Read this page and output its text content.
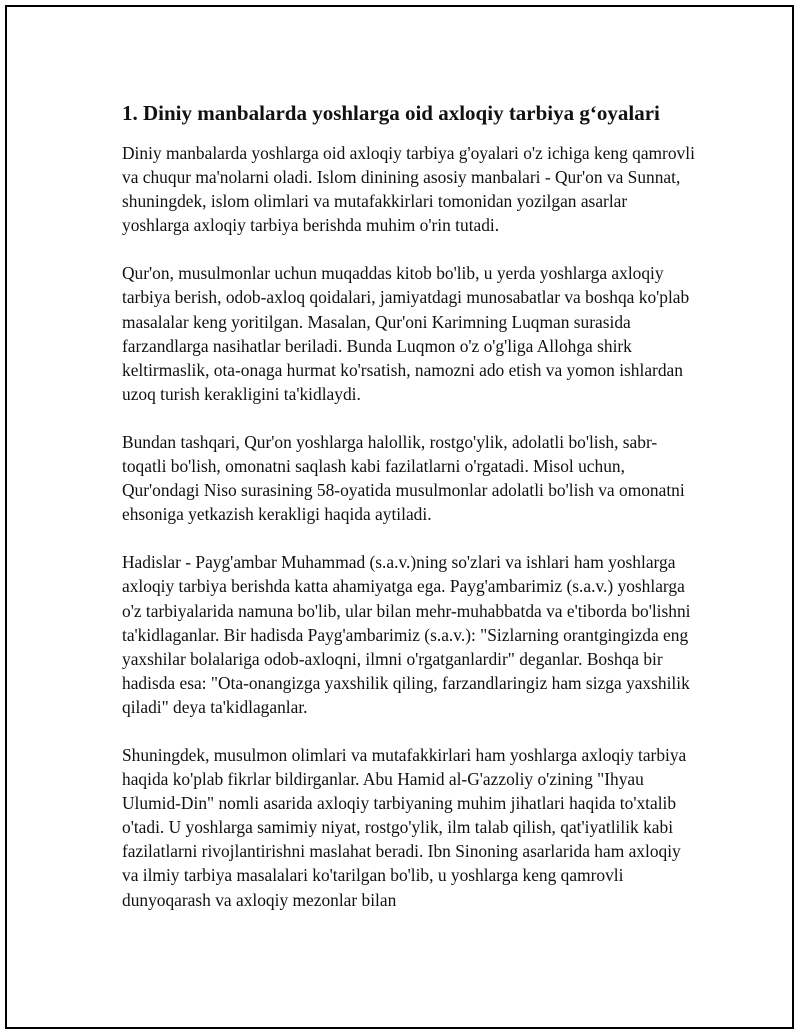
1. Diniy manbalarda yoshlarga oid axloqiy tarbiya g‘oyalari

Diniy manbalarda yoshlarga oid axloqiy tarbiya g'oyalari o'z ichiga keng qamrovli va chuqur ma'nolarni oladi. Islom dinining asosiy manbalari - Qur'on va Sunnat, shuningdek, islom olimlari va mutafakkirlari tomonidan yozilgan asarlar yoshlarga axloqiy tarbiya berishda muhim o'rin tutadi.

Qur'on, musulmonlar uchun muqaddas kitob bo'lib, u yerda yoshlarga axloqiy tarbiya berish, odob-axloq qoidalari, jamiyatdagi munosabatlar va boshqa ko'plab masalalar keng yoritilgan. Masalan, Qur'oni Karimning Luqman surasida farzandlarga nasihatlar beriladi. Bunda Luqmon o'z o'g'liga Allohga shirk keltirmaslik, ota-onaga hurmat ko'rsatish, namozni ado etish va yomon ishlardan uzoq turish kerakligini ta'kidlaydi.

Bundan tashqari, Qur'on yoshlarga halollik, rostgo'ylik, adolatli bo'lish, sabr-toqatli bo'lish, omonatni saqlash kabi fazilatlarni o'rgatadi. Misol uchun, Qur'ondagi Niso surasining 58-oyatida musulmonlar adolatli bo'lish va omonatni ehsoniga yetkazish kerakligi haqida aytiladi.

Hadislar - Payg'ambar Muhammad (s.a.v.)ning so'zlari va ishlari ham yoshlarga axloqiy tarbiya berishda katta ahamiyatga ega. Payg'ambarimiz (s.a.v.) yoshlarga o'z tarbiyalarida namuna bo'lib, ular bilan mehr-muhabbatda va e'tiborda bo'lishni ta'kidlaganlar. Bir hadisda Payg'ambarimiz (s.a.v.): "Sizlarning orantgingizda eng yaxshilar bolalariga odob-axloqni, ilmni o'rgatganlardir" deganlar. Boshqa bir hadisda esa: "Ota-onangizga yaxshilik qiling, farzandlaringiz ham sizga yaxshilik qiladi" deya ta'kidlaganlar.

Shuningdek, musulmon olimlari va mutafakkirlari ham yoshlarga axloqiy tarbiya haqida ko'plab fikrlar bildirganlar. Abu Hamid al-G'azzoliy o'zining "Ihyau Ulumid-Din" nomli asarida axloqiy tarbiyaning muhim jihatlari haqida to'xtalib o'tadi. U yoshlarga samimiy niyat, rostgo'ylik, ilm talab qilish, qat'iyatlilik kabi fazilatlarni rivojlantirishni maslahat beradi. Ibn Sinoning asarlarida ham axloqiy va ilmiy tarbiya masalalari ko'tarilgan bo'lib, u yoshlarga keng qamrovli dunyoqarash va axloqiy mezonlar bilan
